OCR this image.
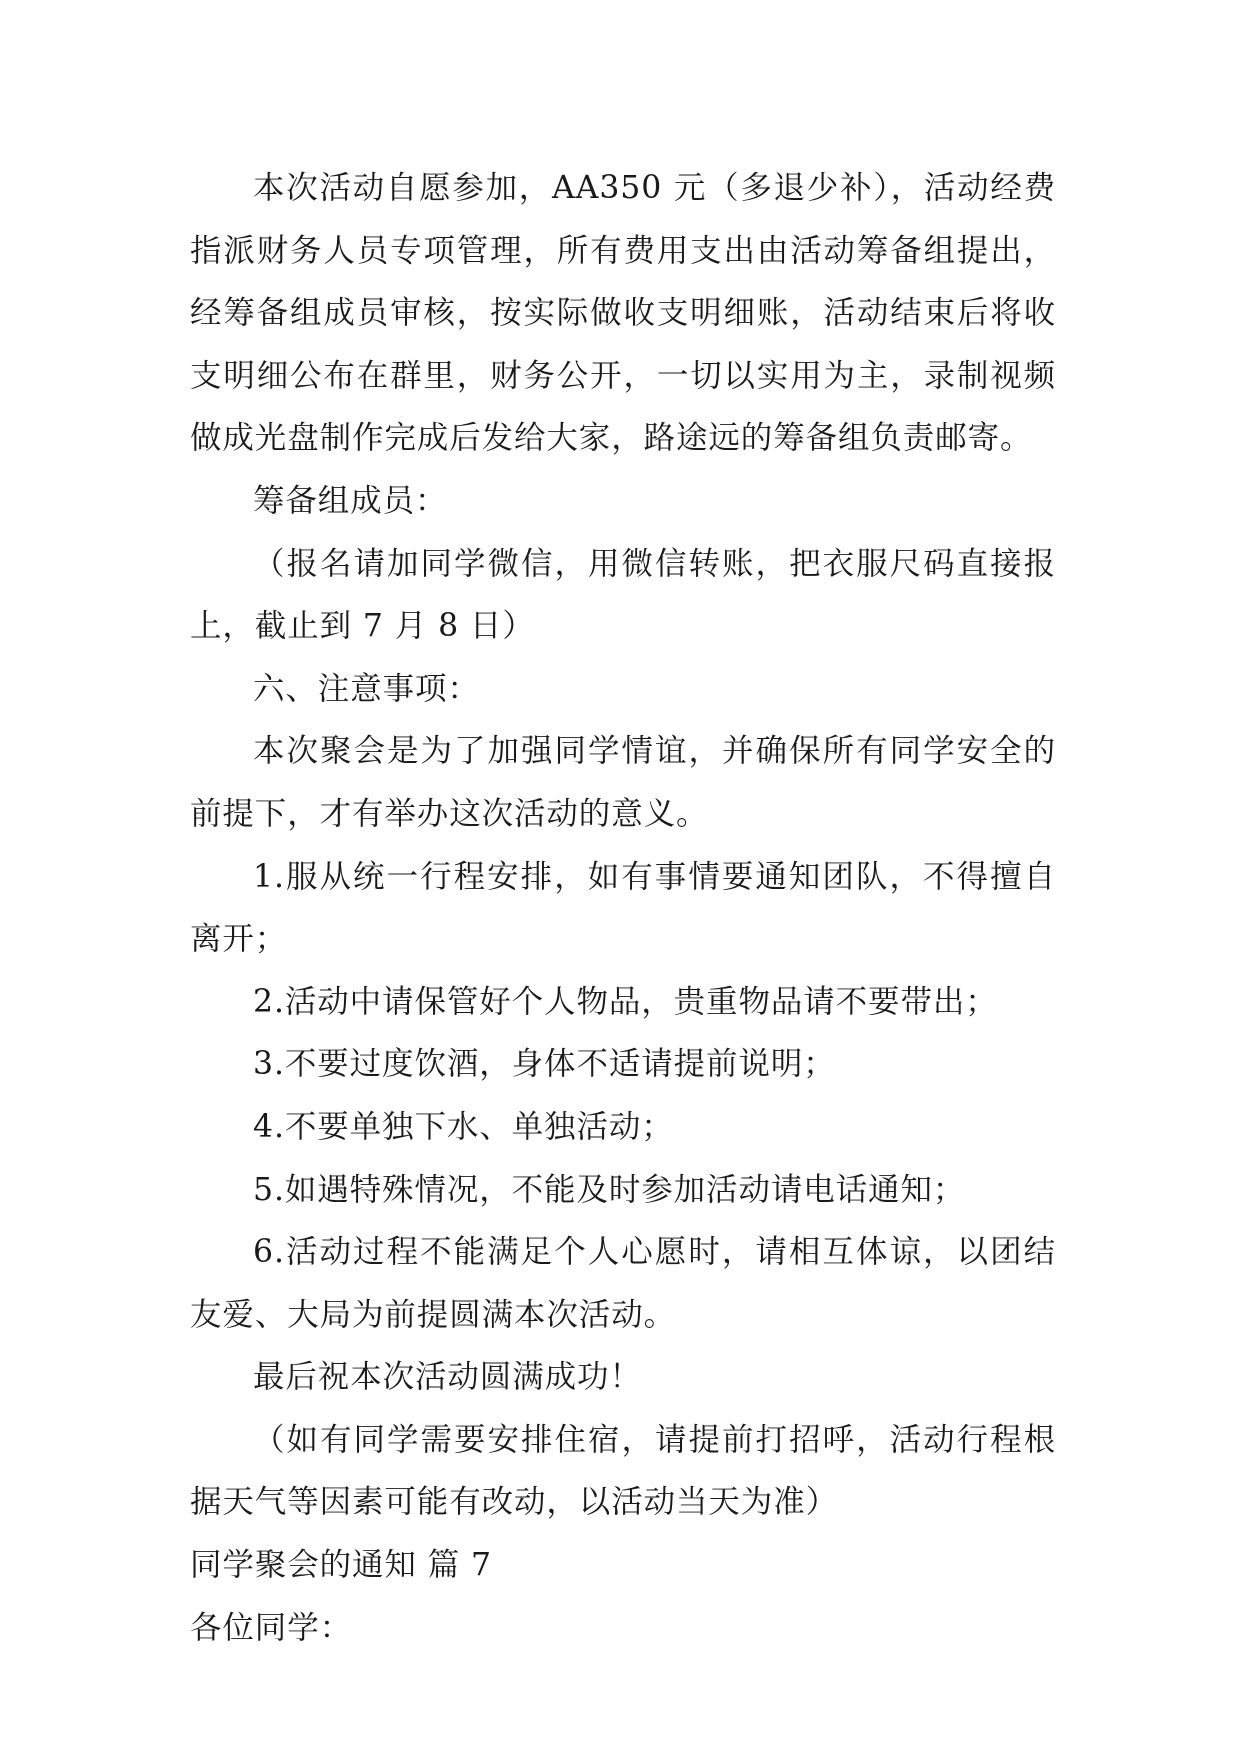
本次活动自愿参加，AA350 元（多退少补），活动经费指派财务人员专项管理，所有费用支出由活动筹备组提出，经筹备组成员审核，按实际做收支明细账，活动结束后将收支明细公布在群里，财务公开，一切以实用为主，录制视频做成光盘制作完成后发给大家，路途远的筹备组负责邮寄。

筹备组成员：

（报名请加同学微信，用微信转账，把衣服尺码直接报上，截止到 7 月 8 日）

六、注意事项：

本次聚会是为了加强同学情谊，并确保所有同学安全的前提下，才有举办这次活动的意义。

1.服从统一行程安排，如有事情要通知团队，不得擅自离开；

2.活动中请保管好个人物品，贵重物品请不要带出；

3.不要过度饮酒，身体不适请提前说明；

4.不要单独下水、单独活动；

5.如遇特殊情况，不能及时参加活动请电话通知；

6.活动过程不能满足个人心愿时，请相互体谅，以团结友爱、大局为前提圆满本次活动。

最后祝本次活动圆满成功！

（如有同学需要安排住宿，请提前打招呼，活动行程根据天气等因素可能有改动，以活动当天为准）

同学聚会的通知 篇 7

各位同学：
